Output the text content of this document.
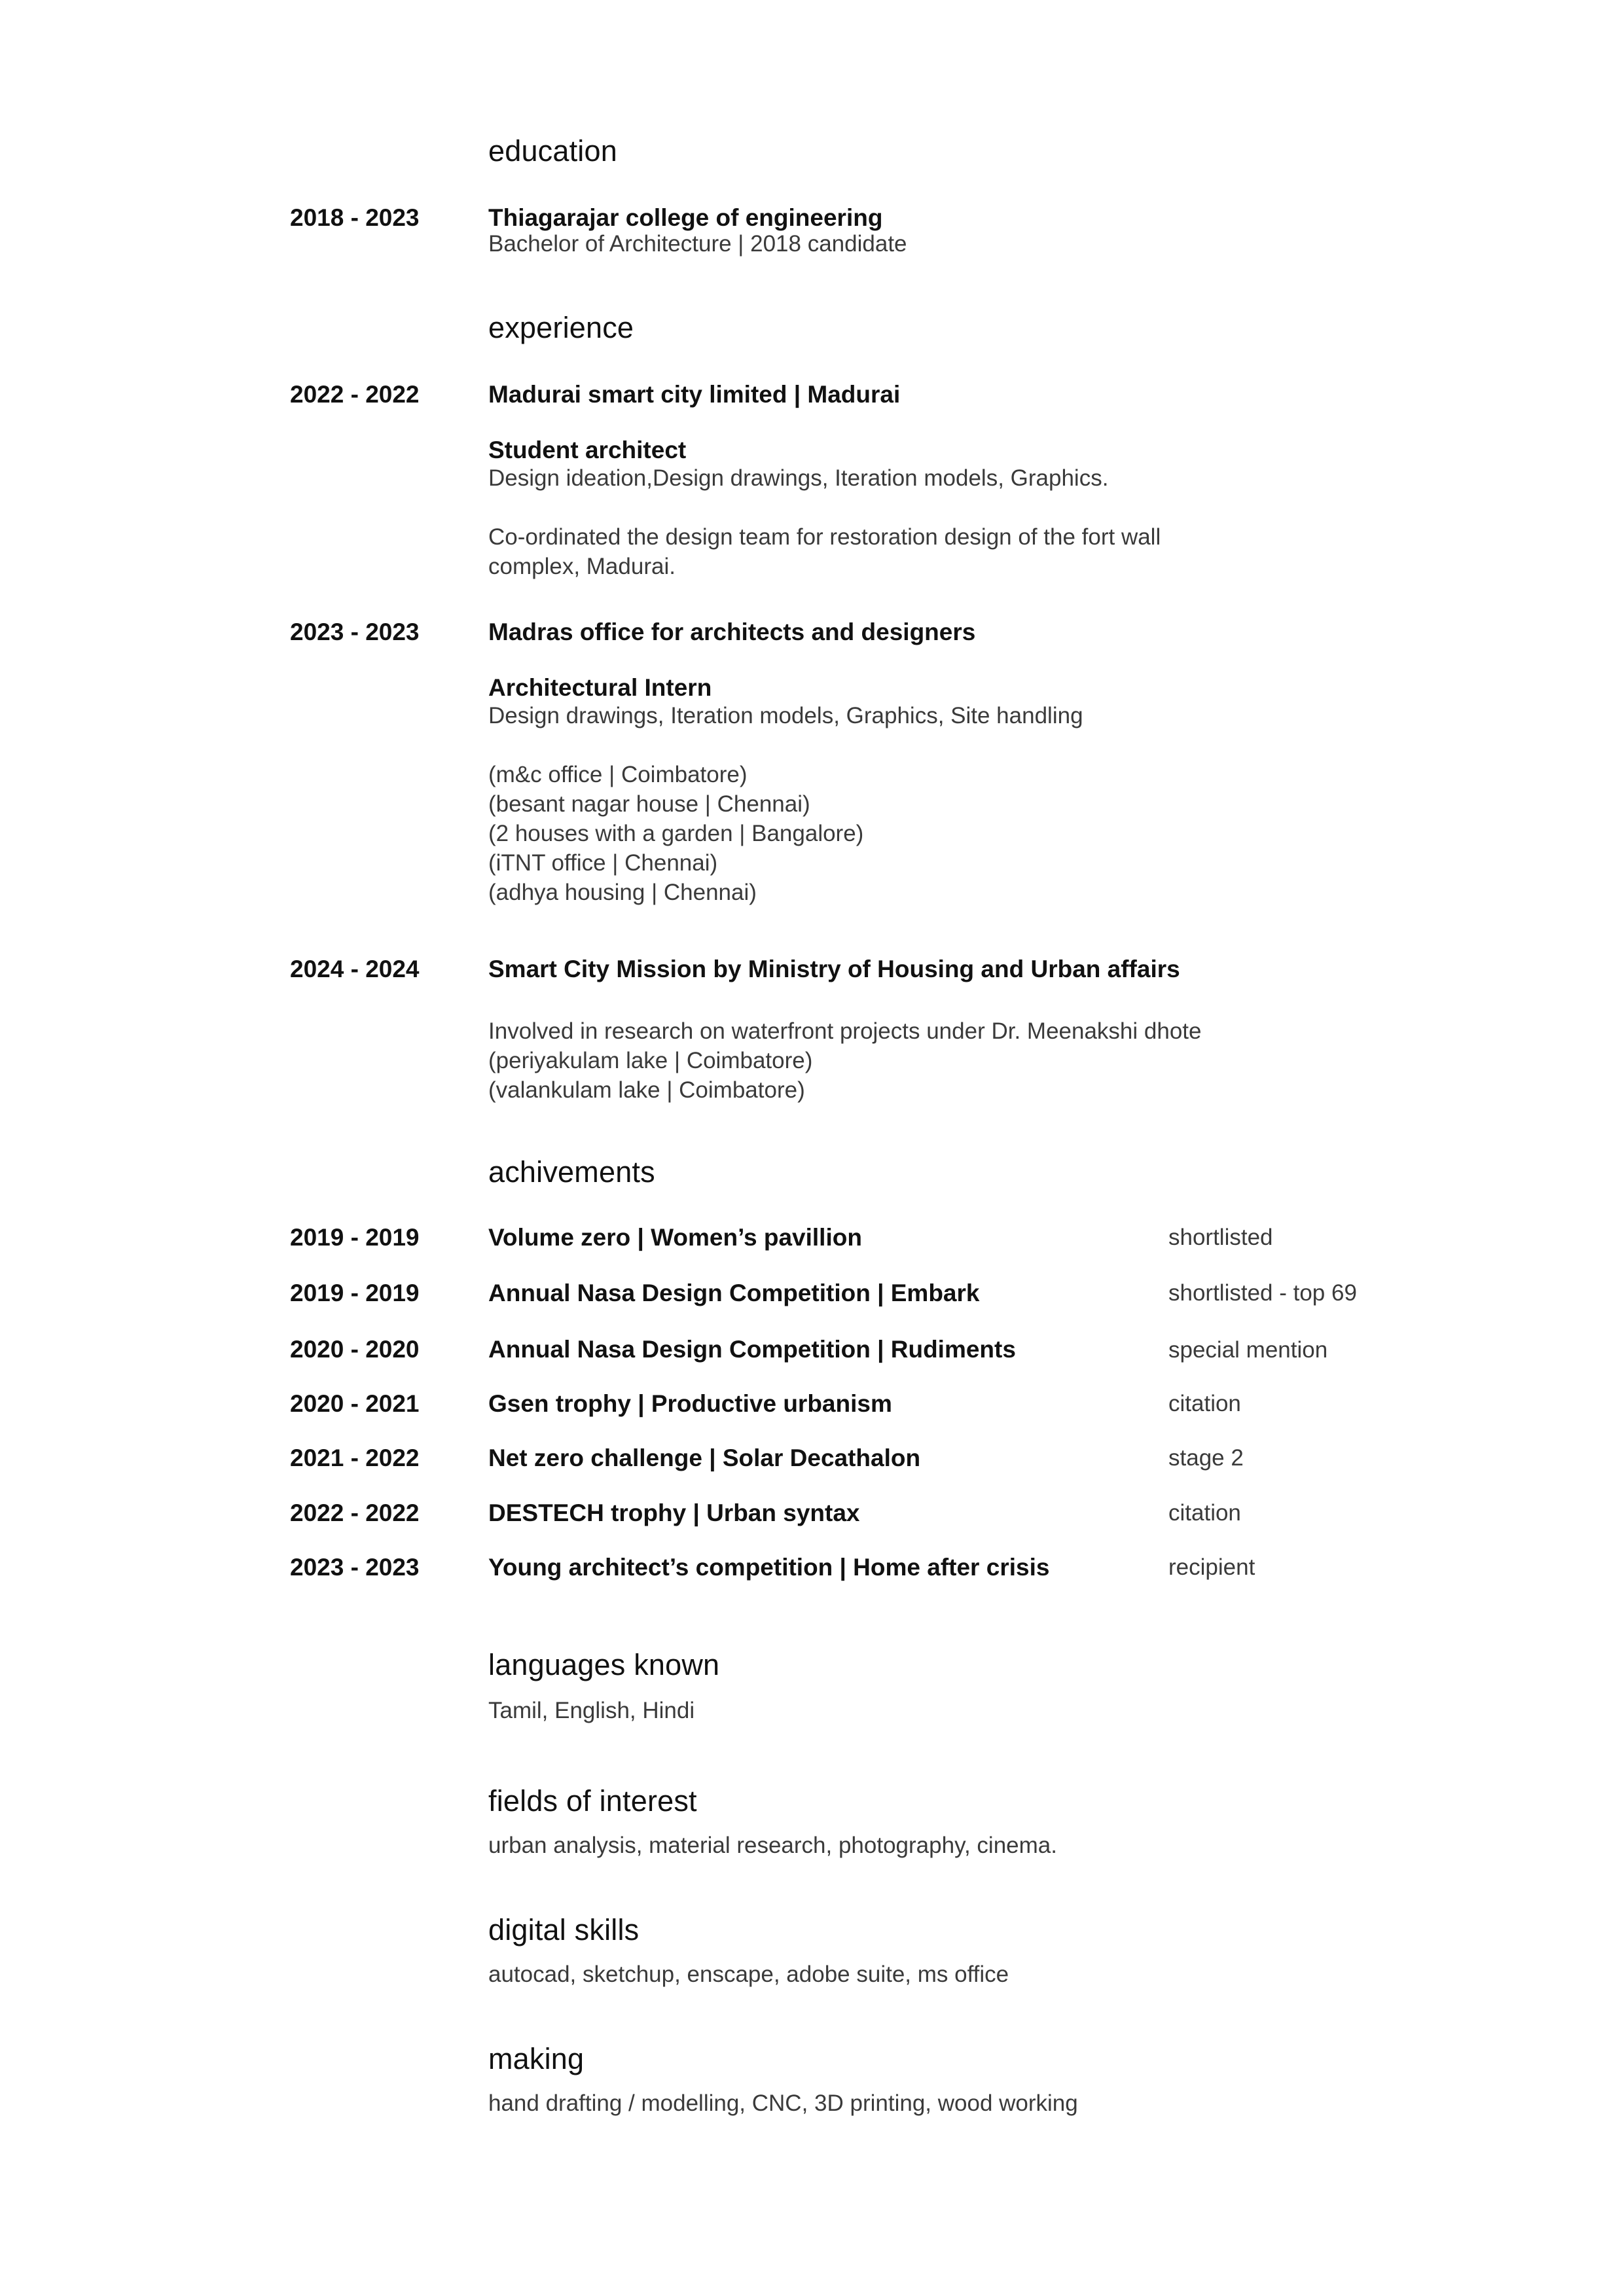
education
2018 - 2023	Thiagarajar college of engineering
Bachelor of Architecture | 2018 candidate
experience
2022 - 2022	Madurai smart city limited | Madurai
Student architect
Design ideation,Design drawings, Iteration models, Graphics.
Co-ordinated the design team for restoration design of the fort wall
complex, Madurai.
2023 - 2023	Madras office for architects and designers
Architectural Intern
Design drawings, Iteration models, Graphics, Site handling
(m&c office | Coimbatore)
(besant nagar house | Chennai)
(2 houses with a garden | Bangalore)
(iTNT office | Chennai)
(adhya housing | Chennai)
2024 - 2024	Smart City Mission by Ministry of Housing and Urban affairs
Involved in research on waterfront projects under Dr. Meenakshi dhote
(periyakulam lake | Coimbatore)
(valankulam lake | Coimbatore)
achivements
2019 - 2019	Volume zero | Women’s pavillion	shortlisted
2019 - 2019	Annual Nasa Design Competition | Embark	shortlisted - top 69
2020 - 2020	Annual Nasa Design Competition | Rudiments	special mention
2020 - 2021	Gsen trophy | Productive urbanism	citation
2021 - 2022	Net zero challenge | Solar Decathalon	stage 2
2022 - 2022	DESTECH trophy | Urban syntax	citation
2023 - 2023	Young architect’s competition | Home after crisis	recipient
languages known
Tamil, English, Hindi
fields of interest
urban analysis, material research, photography, cinema.
digital skills
autocad, sketchup, enscape, adobe suite, ms office
making
hand drafting / modelling, CNC, 3D printing, wood working
